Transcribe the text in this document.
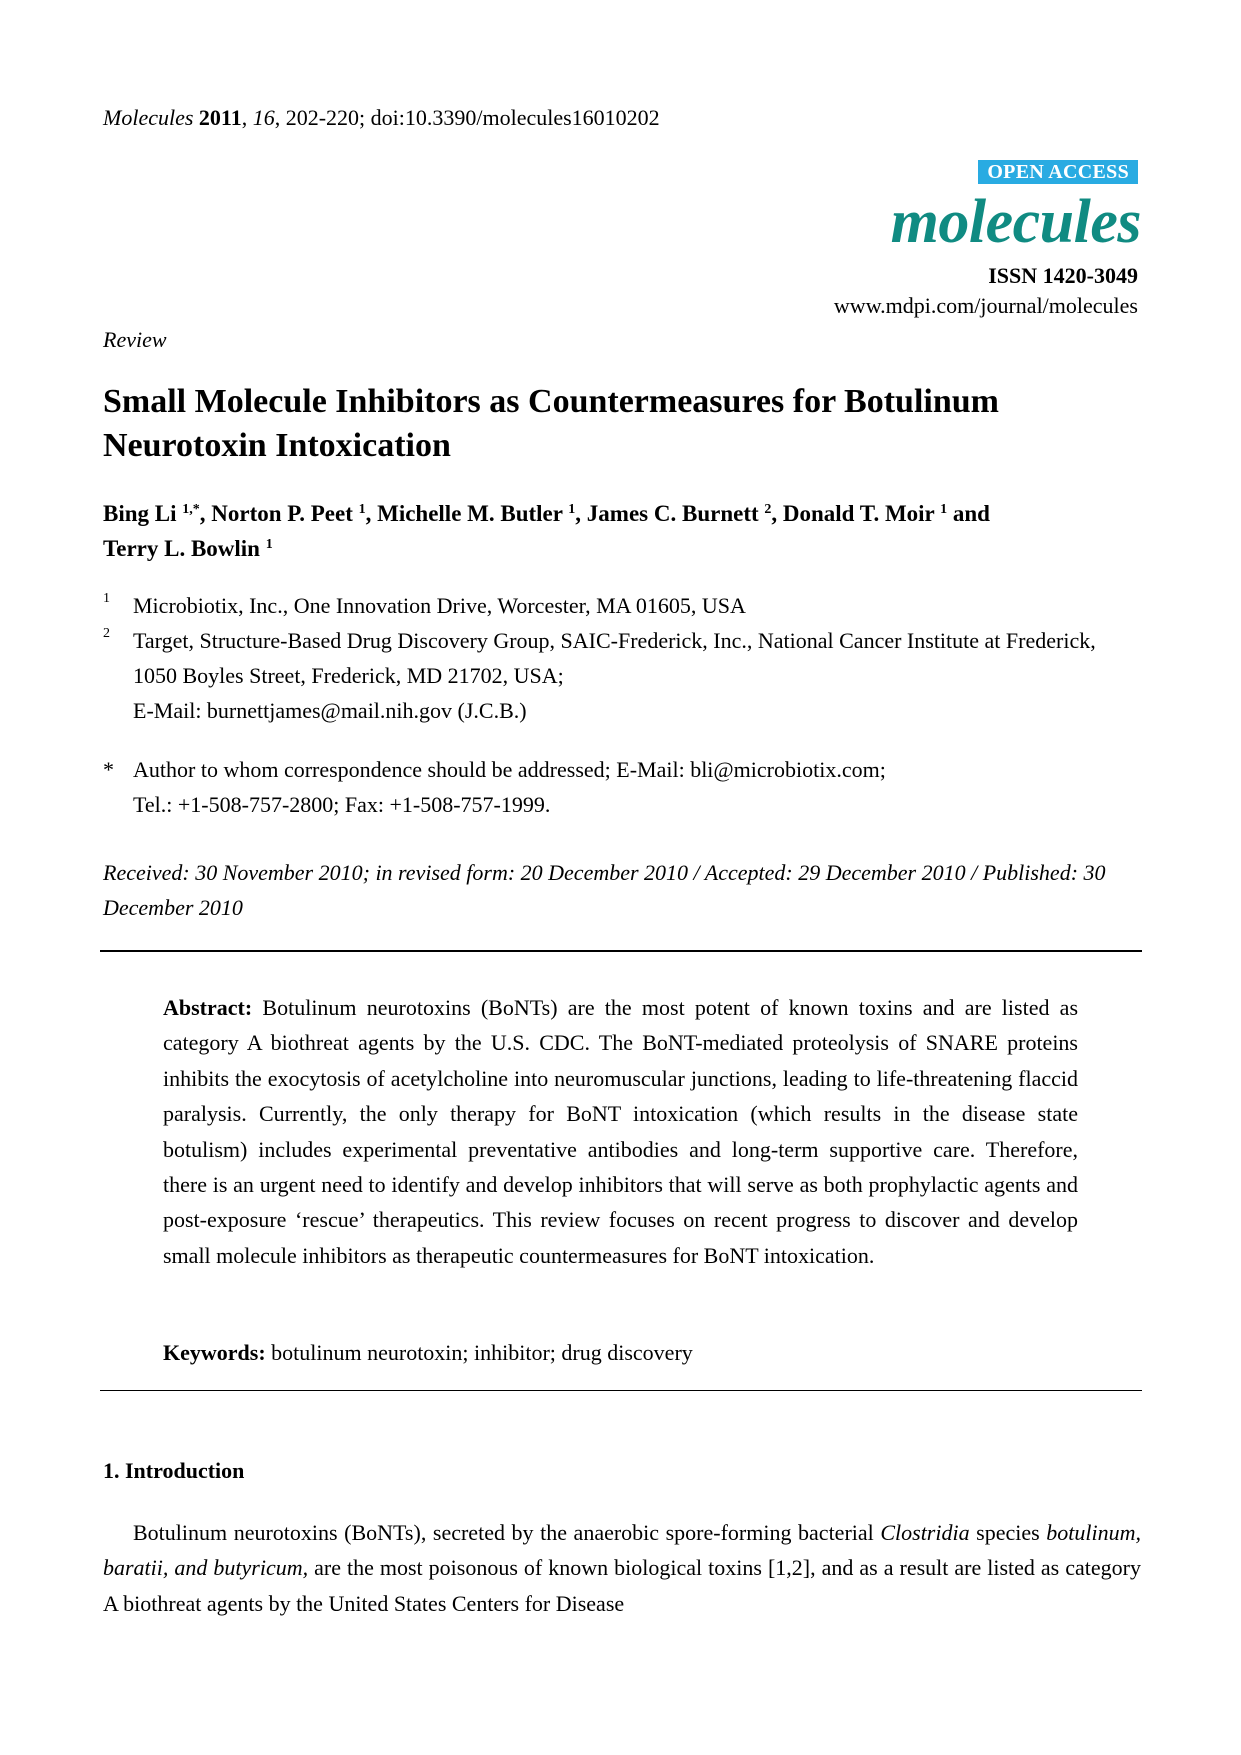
Molecules 2011, 16, 202-220; doi:10.3390/molecules16010202
OPEN ACCESS
molecules
ISSN 1420-3049
www.mdpi.com/journal/molecules
Review
Small Molecule Inhibitors as Countermeasures for Botulinum Neurotoxin Intoxication
Bing Li $^{1,*}$, Norton P. Peet $^1$, Michelle M. Butler $^1$, James C. Burnett $^2$, Donald T. Moir $^1$ and
Terry L. Bowlin $^1$
1 Microbiotix, Inc., One Innovation Drive, Worcester, MA 01605, USA
2 Target, Structure-Based Drug Discovery Group, SAIC-Frederick, Inc., National Cancer Institute at Frederick, 1050 Boyles Street, Frederick, MD 21702, USA;
E-Mail: burnettjames@mail.nih.gov (J.C.B.)
* Author to whom correspondence should be addressed; E-Mail: bli@microbiotix.com;
Tel.: +1-508-757-2800; Fax: +1-508-757-1999.
Received: 30 November 2010; in revised form: 20 December 2010 / Accepted: 29 December 2010 / Published: 30 December 2010
Abstract: Botulinum neurotoxins (BoNTs) are the most potent of known toxins and are listed as category A biothreat agents by the U.S. CDC. The BoNT-mediated proteolysis of SNARE proteins inhibits the exocytosis of acetylcholine into neuromuscular junctions, leading to life-threatening flaccid paralysis. Currently, the only therapy for BoNT intoxication (which results in the disease state botulism) includes experimental preventative antibodies and long-term supportive care. Therefore, there is an urgent need to identify and develop inhibitors that will serve as both prophylactic agents and post-exposure ‘rescue’ therapeutics. This review focuses on recent progress to discover and develop small molecule inhibitors as therapeutic countermeasures for BoNT intoxication.
Keywords: botulinum neurotoxin; inhibitor; drug discovery
1. Introduction
Botulinum neurotoxins (BoNTs), secreted by the anaerobic spore-forming bacterial Clostridia species botulinum, baratii, and butyricum, are the most poisonous of known biological toxins [1,2], and as a result are listed as category A biothreat agents by the United States Centers for Disease
